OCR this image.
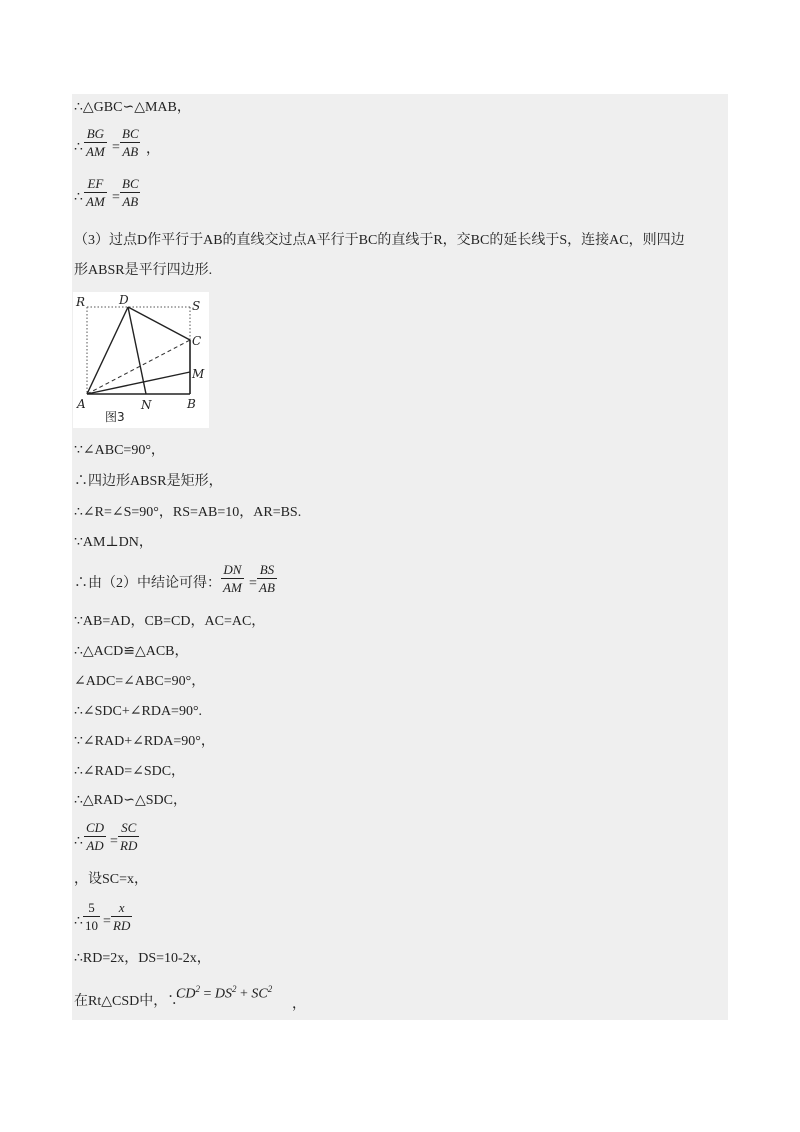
∴△GBC∽△MAB，
∴ $\frac{BG}{AM} = \frac{BC}{AB}$ ，
∴ $\frac{EF}{AM} = \frac{BC}{AB}$
（3）过点D作平行于AB的直线交过点A平行于BC的直线于R，交BC的延长线于S，连接AC，则四边
形ABSR是平行四边形.
R	D	S
C
M
A	N	B
图3
∵∠ABC=90°，
∴四边形ABSR是矩形，
∴∠R=∠S=90°，RS=AB=10，AR=BS.
∵AM⊥DN，
∴由（2）中结论可得： $\frac{DN}{AM} = \frac{BS}{AB}$
∵AB=AD，CB=CD，AC=AC，
∴△ACD≌△ACB，
∠ADC=∠ABC=90°，
∴∠SDC+∠RDA=90°.
∵∠RAD+∠RDA=90°，
∴∠RAD=∠SDC，
∴△RAD∽△SDC，
∴ $\frac{CD}{AD} = \frac{SC}{RD}$
，设SC=x，
∴ $\frac{5}{10} = \frac{x}{RD}$
∴RD=2x，DS=10-2x，
在Rt△CSD中，∵
$CD^2 = DS^2 + SC^2$
，
